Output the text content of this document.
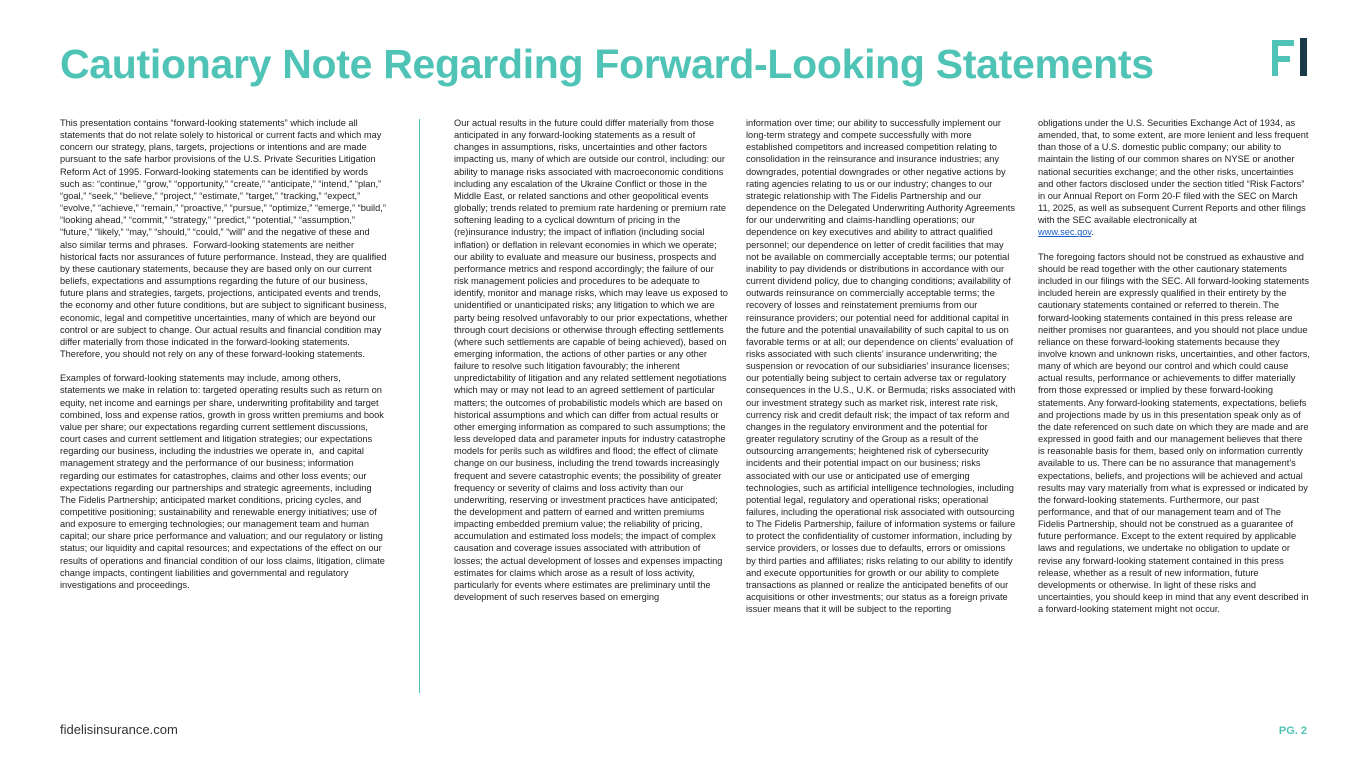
Cautionary Note Regarding Forward-Looking Statements
This presentation contains “forward-looking statements” which include all statements that do not relate solely to historical or current facts and which may concern our strategy, plans, targets, projections or intentions and are made pursuant to the safe harbor provisions of the U.S. Private Securities Litigation Reform Act of 1995. Forward-looking statements can be identified by words such as: “continue,” “grow,” “opportunity,” “create,” “anticipate,” “intend,” “plan,” “goal,” “seek,” “believe,” “project,” “estimate,” “target,” “tracking,” “expect,” “evolve,” “achieve,” “remain,” “proactive,” “pursue,” “optimize,” “emerge,” “build,” “looking ahead,” “commit,” “strategy,” “predict,” “potential,” “assumption,” “future,” “likely,” “may,” “should,” “could,” “will” and the negative of these and also similar terms and phrases.  Forward-looking statements are neither historical facts nor assurances of future performance. Instead, they are qualified by these cautionary statements, because they are based only on our current beliefs, expectations and assumptions regarding the future of our business, future plans and strategies, targets, projections, anticipated events and trends, the economy and other future conditions, but are subject to significant business, economic, legal and competitive uncertainties, many of which are beyond our control or are subject to change. Our actual results and financial condition may differ materially from those indicated in the forward-looking statements. Therefore, you should not rely on any of these forward-looking statements.

Examples of forward-looking statements may include, among others, statements we make in relation to: targeted operating results such as return on equity, net income and earnings per share, underwriting profitability and target combined, loss and expense ratios, growth in gross written premiums and book value per share; our expectations regarding current settlement discussions, court cases and current settlement and litigation strategies; our expectations regarding our business, including the industries we operate in,  and capital management strategy and the performance of our business; information regarding our estimates for catastrophes, claims and other loss events; our expectations regarding our partnerships and strategic agreements, including The Fidelis Partnership; anticipated market conditions, pricing cycles, and competitive positioning; sustainability and renewable energy initiatives; use of and exposure to emerging technologies; our management team and human capital; our share price performance and valuation; and our regulatory or listing status; our liquidity and capital resources; and expectations of the effect on our results of operations and financial condition of our loss claims, litigation, climate change impacts, contingent liabilities and governmental and regulatory investigations and proceedings.
Our actual results in the future could differ materially from those anticipated in any forward-looking statements as a result of changes in assumptions, risks, uncertainties and other factors impacting us, many of which are outside our control, including: our ability to manage risks associated with macroeconomic conditions including any escalation of the Ukraine Conflict or those in the Middle East, or related sanctions and other geopolitical events globally; trends related to premium rate hardening or premium rate softening leading to a cyclical downturn of pricing in the (re)insurance industry; the impact of inflation (including social inflation) or deflation in relevant economies in which we operate; our ability to evaluate and measure our business, prospects and performance metrics and respond accordingly; the failure of our risk management policies and procedures to be adequate to identify, monitor and manage risks, which may leave us exposed to unidentified or unanticipated risks; any litigation to which we are party being resolved unfavorably to our prior expectations, whether through court decisions or otherwise through effecting settlements (where such settlements are capable of being achieved), based on emerging information, the actions of other parties or any other failure to resolve such litigation favourably; the inherent unpredictability of litigation and any related settlement negotiations which may or may not lead to an agreed settlement of particular matters; the outcomes of probabilistic models which are based on historical assumptions and which can differ from actual results or other emerging information as compared to such assumptions; the less developed data and parameter inputs for industry catastrophe models for perils such as wildfires and flood; the effect of climate change on our business, including the trend towards increasingly frequent and severe catastrophic events; the possibility of greater frequency or severity of claims and loss activity than our underwriting, reserving or investment practices have anticipated; the development and pattern of earned and written premiums impacting embedded premium value; the reliability of pricing, accumulation and estimated loss models; the impact of complex causation and coverage issues associated with attribution of losses; the actual development of losses and expenses impacting estimates for claims which arose as a result of loss activity, particularly for events where estimates are preliminary until the development of such reserves based on emerging
information over time; our ability to successfully implement our long-term strategy and compete successfully with more established competitors and increased competition relating to consolidation in the reinsurance and insurance industries; any downgrades, potential downgrades or other negative actions by rating agencies relating to us or our industry; changes to our strategic relationship with The Fidelis Partnership and our dependence on the Delegated Underwriting Authority Agreements for our underwriting and claims-handling operations; our dependence on key executives and ability to attract qualified personnel; our dependence on letter of credit facilities that may not be available on commercially acceptable terms; our potential inability to pay dividends or distributions in accordance with our current dividend policy, due to changing conditions; availability of outwards reinsurance on commercially acceptable terms; the recovery of losses and reinstatement premiums from our reinsurance providers; our potential need for additional capital in the future and the potential unavailability of such capital to us on favorable terms or at all; our dependence on clients’ evaluation of risks associated with such clients’ insurance underwriting; the suspension or revocation of our subsidiaries’ insurance licenses; our potentially being subject to certain adverse tax or regulatory consequences in the U.S., U.K. or Bermuda; risks associated with our investment strategy such as market risk, interest rate risk, currency risk and credit default risk; the impact of tax reform and changes in the regulatory environment and the potential for greater regulatory scrutiny of the Group as a result of the outsourcing arrangements; heightened risk of cybersecurity incidents and their potential impact on our business; risks associated with our use or anticipated use of emerging technologies, such as artificial intelligence technologies, including potential legal, regulatory and operational risks; operational failures, including the operational risk associated with outsourcing to The Fidelis Partnership, failure of information systems or failure to protect the confidentiality of customer information, including by service providers, or losses due to defaults, errors or omissions by third parties and affiliates; risks relating to our ability to identify and execute opportunities for growth or our ability to complete transactions as planned or realize the anticipated benefits of our acquisitions or other investments; our status as a foreign private issuer means that it will be subject to the reporting
obligations under the U.S. Securities Exchange Act of 1934, as amended, that, to some extent, are more lenient and less frequent than those of a U.S. domestic public company; our ability to maintain the listing of our common shares on NYSE or another national securities exchange; and the other risks, uncertainties and other factors disclosed under the section titled “Risk Factors” in our Annual Report on Form 20-F filed with the SEC on March 11, 2025, as well as subsequent Current Reports and other filings with the SEC available electronically at
www.sec.gov.

The foregoing factors should not be construed as exhaustive and should be read together with the other cautionary statements included in our filings with the SEC. All forward-looking statements included herein are expressly qualified in their entirety by the cautionary statements contained or referred to therein. The forward-looking statements contained in this press release are neither promises nor guarantees, and you should not place undue reliance on these forward-looking statements because they involve known and unknown risks, uncertainties, and other factors, many of which are beyond our control and which could cause actual results, performance or achievements to differ materially from those expressed or implied by these forward-looking statements. Any forward-looking statements, expectations, beliefs and projections made by us in this presentation speak only as of the date referenced on such date on which they are made and are expressed in good faith and our management believes that there is reasonable basis for them, based only on information currently available to us. There can be no assurance that management’s expectations, beliefs, and projections will be achieved and actual results may vary materially from what is expressed or indicated by the forward-looking statements. Furthermore, our past performance, and that of our management team and of The Fidelis Partnership, should not be construed as a guarantee of future performance. Except to the extent required by applicable laws and regulations, we undertake no obligation to update or revise any forward-looking statement contained in this press release, whether as a result of new information, future developments or otherwise. In light of these risks and uncertainties, you should keep in mind that any event described in a forward-looking statement might not occur.
fidelisinsurance.com	PG. 2
